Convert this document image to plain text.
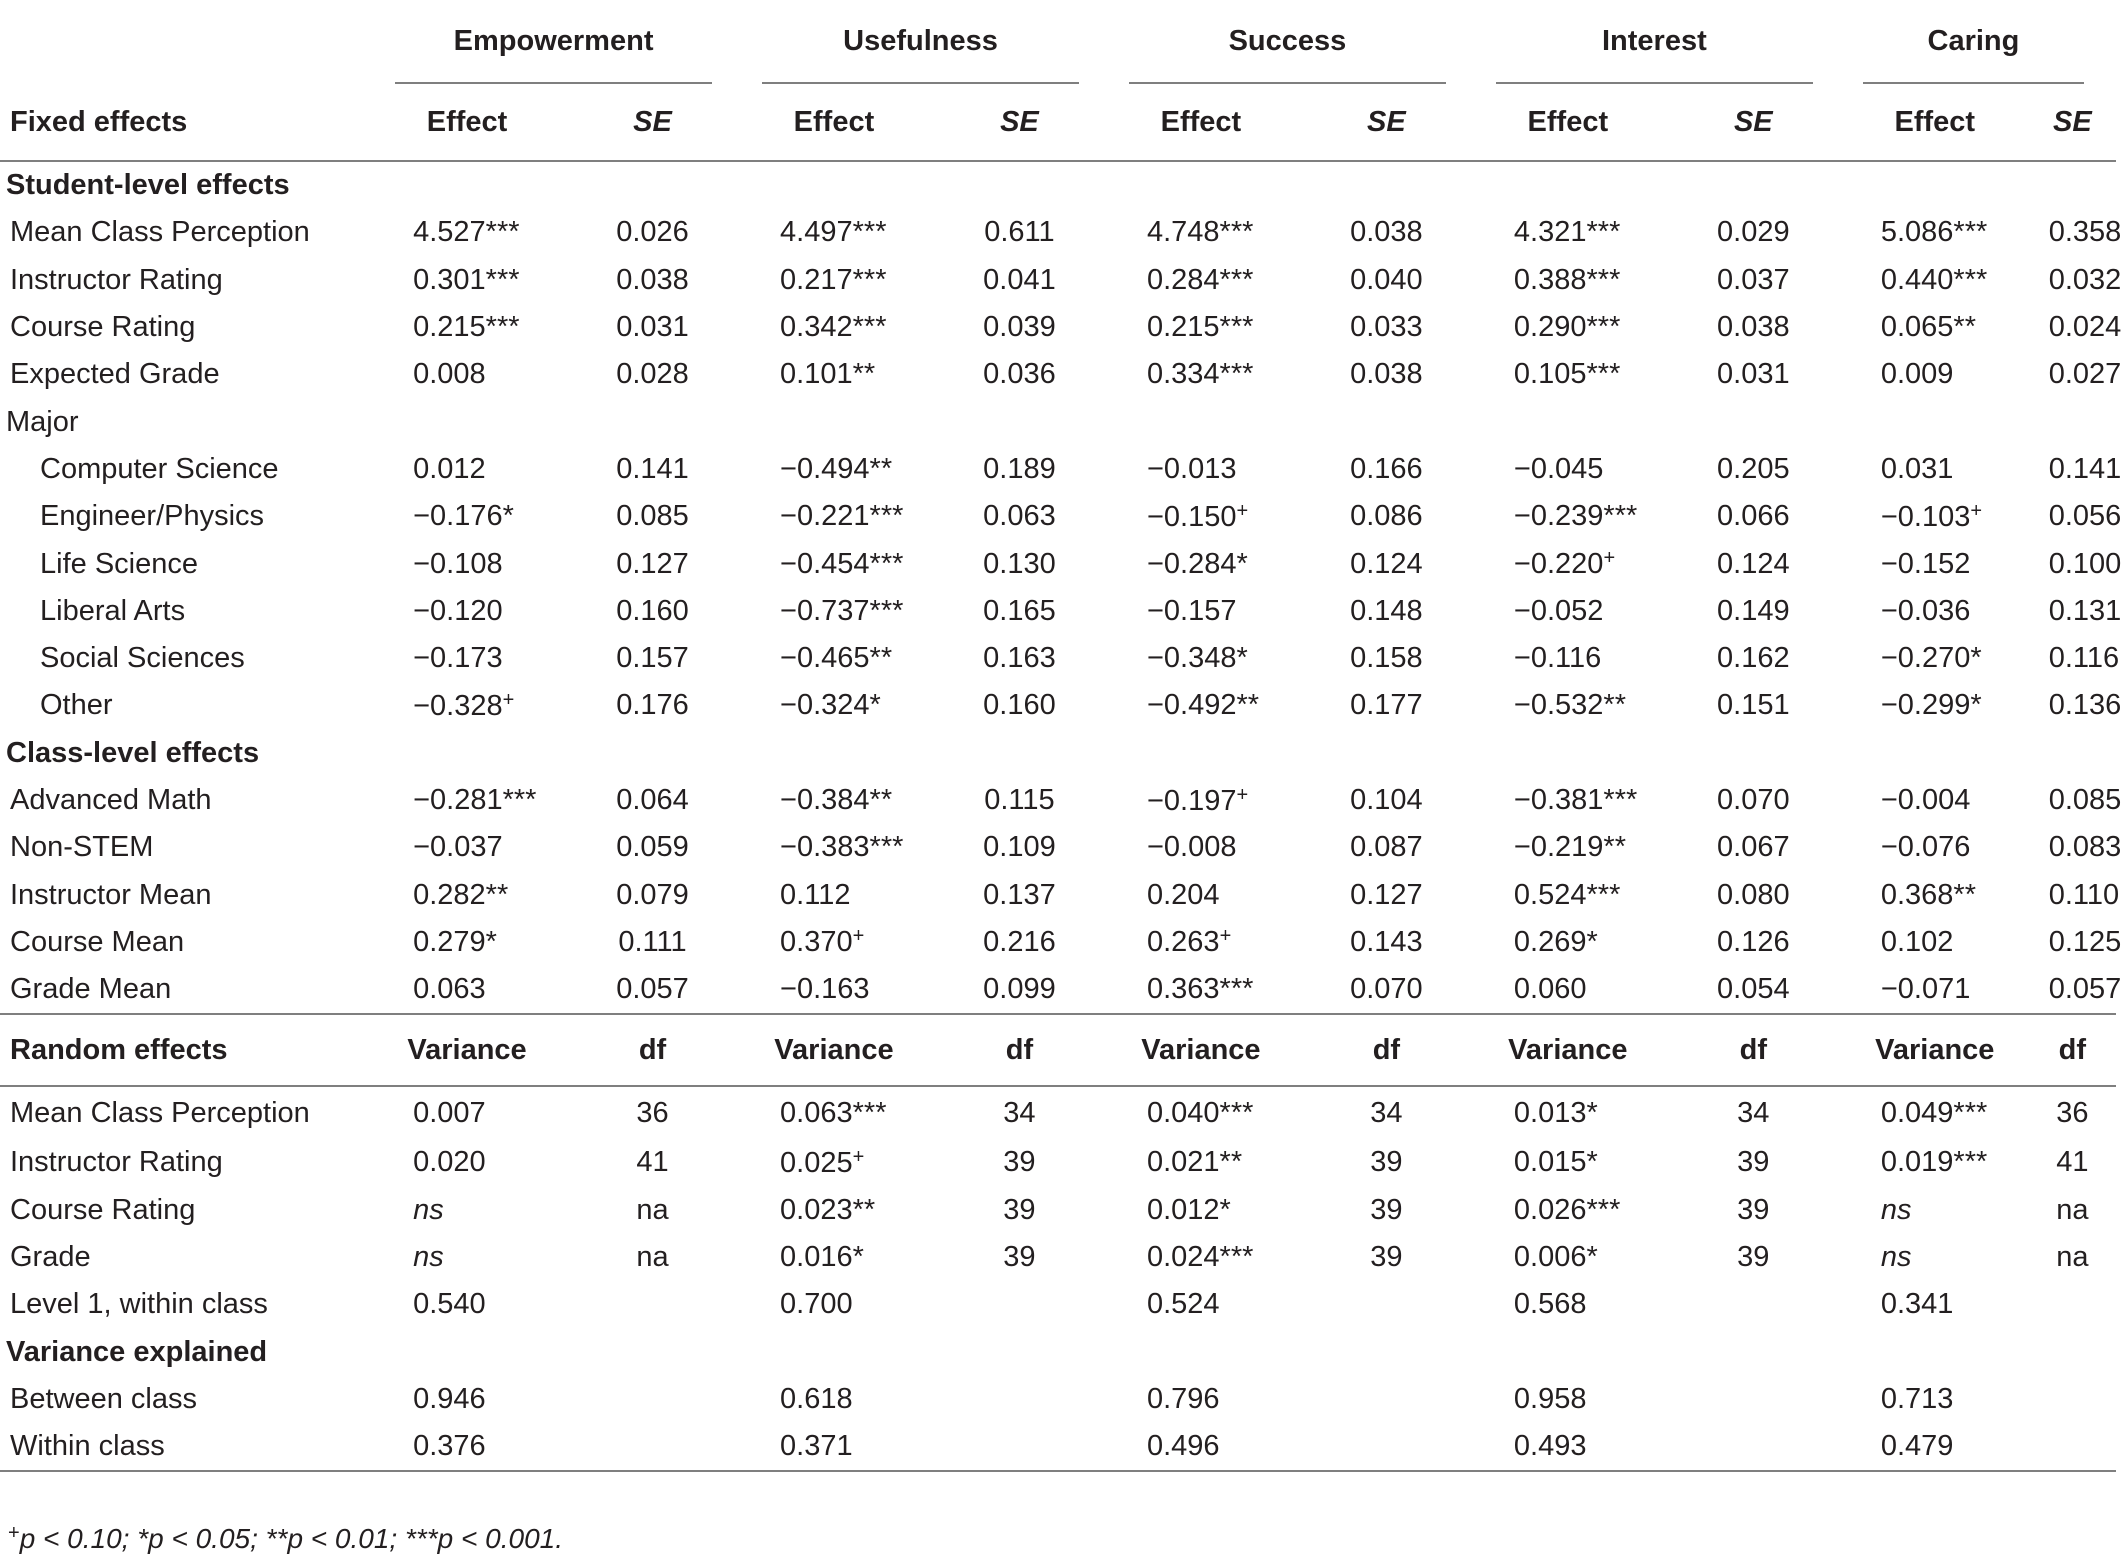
	Empowerment		Usefulness		Success		Interest		Caring	

Fixed effects	Effect	SE	Effect	SE	Effect	SE	Effect	SE	Effect	SE
Student-level effects										
Mean Class Perception	4.527***	0.026	4.497***	0.611	4.748***	0.038	4.321***	0.029	5.086***	0.358
Instructor Rating	0.301***	0.038	0.217***	0.041	0.284***	0.040	0.388***	0.037	0.440***	0.032
Course Rating	0.215***	0.031	0.342***	0.039	0.215***	0.033	0.290***	0.038	0.065**	0.024
Expected Grade	0.008	0.028	0.101**	0.036	0.334***	0.038	0.105***	0.031	0.009	0.027
Major										
Computer Science	0.012	0.141	−0.494**	0.189	−0.013	0.166	−0.045	0.205	0.031	0.141
Engineer/Physics	−0.176*	0.085	−0.221***	0.063	−0.150+	0.086	−0.239***	0.066	−0.103+	0.056
Life Science	−0.108	0.127	−0.454***	0.130	−0.284*	0.124	−0.220+	0.124	−0.152	0.100
Liberal Arts	−0.120	0.160	−0.737***	0.165	−0.157	0.148	−0.052	0.149	−0.036	0.131
Social Sciences	−0.173	0.157	−0.465**	0.163	−0.348*	0.158	−0.116	0.162	−0.270*	0.116
Other	−0.328+	0.176	−0.324*	0.160	−0.492**	0.177	−0.532**	0.151	−0.299*	0.136
Class-level effects										
Advanced Math	−0.281***	0.064	−0.384**	0.115	−0.197+	0.104	−0.381***	0.070	−0.004	0.085
Non-STEM	−0.037	0.059	−0.383***	0.109	−0.008	0.087	−0.219**	0.067	−0.076	0.083
Instructor Mean	0.282**	0.079	0.112	0.137	0.204	0.127	0.524***	0.080	0.368**	0.110
Course Mean	0.279*	0.111	0.370+	0.216	0.263+	0.143	0.269*	0.126	0.102	0.125
Grade Mean	0.063	0.057	−0.163	0.099	0.363***	0.070	0.060	0.054	−0.071	0.057
Random effects	Variance	df	Variance	df	Variance	df	Variance	df	Variance	df
Mean Class Perception	0.007	36	0.063***	34	0.040***	34	0.013*	34	0.049***	36
Instructor Rating	0.020	41	0.025+	39	0.021**	39	0.015*	39	0.019***	41
Course Rating	ns	na	0.023**	39	0.012*	39	0.026***	39	ns	na
Grade	ns	na	0.016*	39	0.024***	39	0.006*	39	ns	na
Level 1, within class	0.540		0.700		0.524		0.568		0.341	
Variance explained										
Between class	0.946		0.618		0.796		0.958		0.713	
Within class	0.376		0.371		0.496		0.493		0.479	
+p < 0.10; *p < 0.05; **p < 0.01; ***p < 0.001.
